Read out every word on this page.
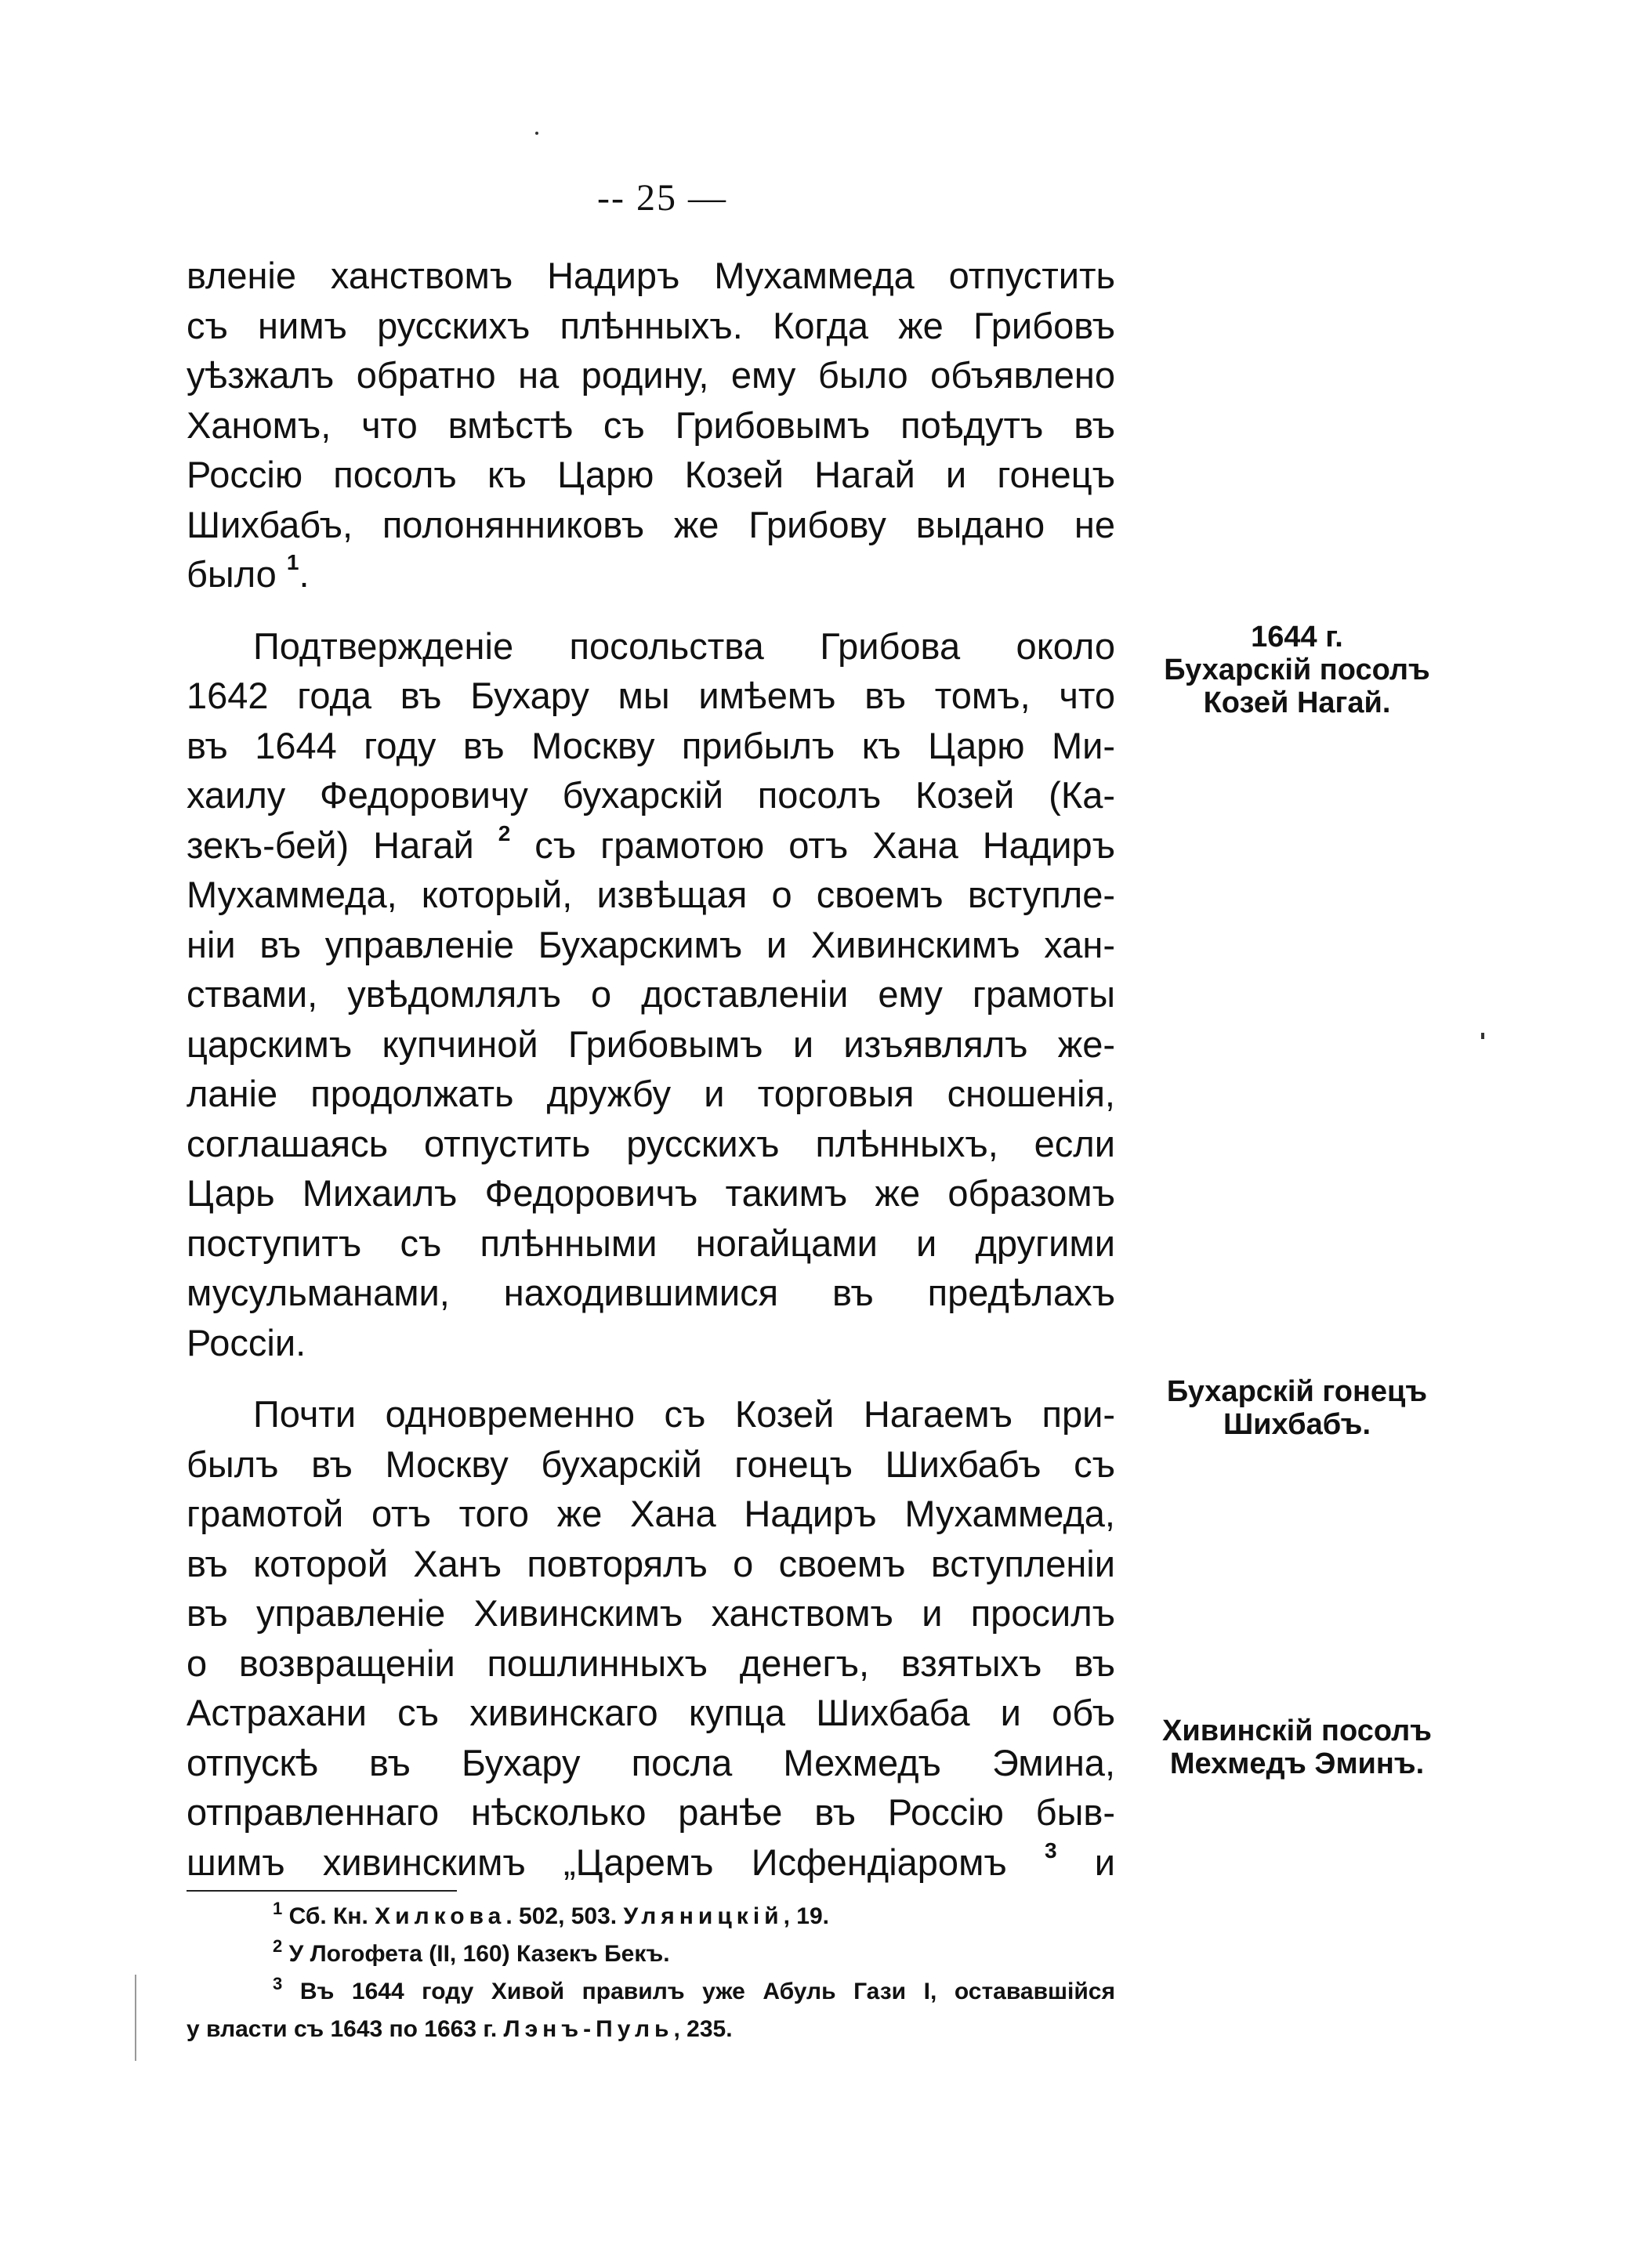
-- 25 —
вленіе ханствомъ Надиръ Мухаммеда отпустить
съ нимъ русскихъ плѣнныхъ. Когда же Грибовъ
уѣзжалъ обратно на родину, ему было объявлено
Ханомъ, что вмѣстѣ съ Грибовымъ поѣдутъ въ
Россію посолъ къ Царю Козей Нагай и гонецъ
Шихбабъ, полонянниковъ же Грибову выдано не
было $^1$.
Подтвержденіе посольства Грибова около
1642 года въ Бухару мы имѣемъ въ томъ, что
въ 1644 году въ Москву прибылъ къ Царю Ми-
хаилу Федоровичу бухарскій посолъ Козей (Ка-
зекъ-бей) Нагай $^2$ съ грамотою отъ Хана Надиръ
Мухаммеда, который, извѣщая о своемъ вступле-
ніи въ управленіе Бухарскимъ и Хивинскимъ хан-
ствами, увѣдомлялъ о доставленіи ему грамоты
царскимъ купчиной Грибовымъ и изъявлялъ же-
ланіе продолжать дружбу и торговыя сношенія,
соглашаясь отпустить русскихъ плѣнныхъ, если
Царь Михаилъ Федоровичъ такимъ же образомъ
поступитъ съ плѣнными ногайцами и другими
мусульманами, находившимися въ предѣлахъ
Россіи.
Почти одновременно съ Козей Нагаемъ при-
былъ въ Москву бухарскій гонецъ Шихбабъ съ
грамотой отъ того же Хана Надиръ Мухаммеда,
въ которой Ханъ повторялъ о своемъ вступленіи
въ управленіе Хивинскимъ ханствомъ и просилъ
о возвращеніи пошлинныхъ денегъ, взятыхъ въ
Астрахани съ хивинскаго купца Шихбаба и объ
отпускѣ въ Бухару посла Мехмедъ Эмина,
отправленнаго нѣсколько ранѣе въ Россію быв-
шимъ хивинскимъ „Царемъ Исфендіаромъ $^3$ и
1644 г.
Бухарскій посолъ
Козей Нагай.
Бухарскій гонецъ
Шихбабъ.
Хивинскій посолъ
Мехмедъ Эминъ.
$^1$ Сб. Кн. Хилкова. 502, 503. Уляницкій, 19.
$^2$ У Логофета (II, 160) Казекъ Бекъ.
$^3$ Въ 1644 году Хивой правилъ уже Абуль Гази I, остававшійся
у власти съ 1643 по 1663 г. Лэнъ-Пуль, 235.
